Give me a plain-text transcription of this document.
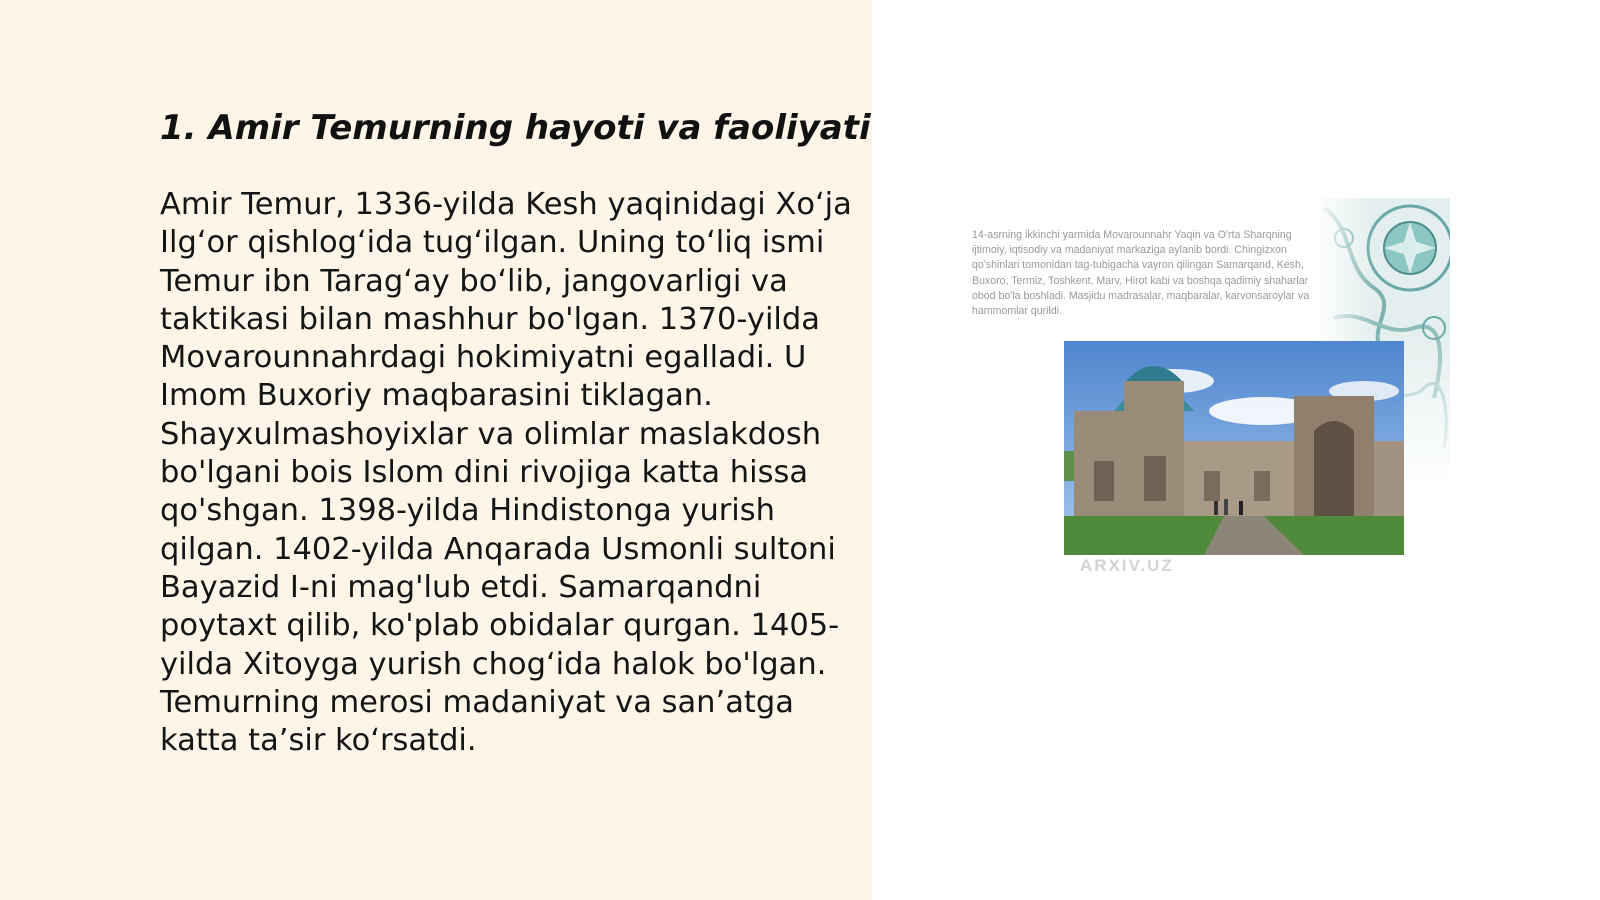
1. Amir Temurning hayoti va faoliyati

Amir Temur, 1336-yilda Kesh yaqinidagi Xo‘ja Ilg‘or qishlog‘ida tug‘ilgan. Uning to‘liq ismi Temur ibn Tarag‘ay bo‘lib, jangovarligi va taktikasi bilan mashhur bo'lgan. 1370-yilda Movarounnahrdagi hokimiyatni egalladi. U Imom Buxoriy maqbarasini tiklagan. Shayxulmashoyixlar va olimlar maslakdosh bo'lgani bois Islom dini rivojiga katta hissa qo'shgan. 1398-yilda Hindistonga yurish qilgan. 1402-yilda Anqarada Usmonli sultoni Bayazid I-ni mag'lub etdi. Samarqandni poytaxt qilib, ko'plab obidalar qurgan. 1405-yilda Xitoyga yurish chog‘ida halok bo'lgan. Temurning merosi madaniyat va san’atga katta ta’sir ko‘rsatdi.

14-asrning ikkinchi yarmida Movarounnahr Yaqin va O'rta Sharqning ijtimoiy, iqtisodiy va madaniyat markaziga aylanib bordi. Chingizxon qo'shinlari tomonidan tag-tubigacha vayron qilingan Samarqand, Kesh, Buxoro, Termiz, Toshkent, Marv, Hirot kabi va boshqa qadimiy shaharlar obod bo'la boshladi. Masjidu madrasalar, maqbaralar, karvonsaroylar va hammomlar qurildi.
ARXIV.UZ
